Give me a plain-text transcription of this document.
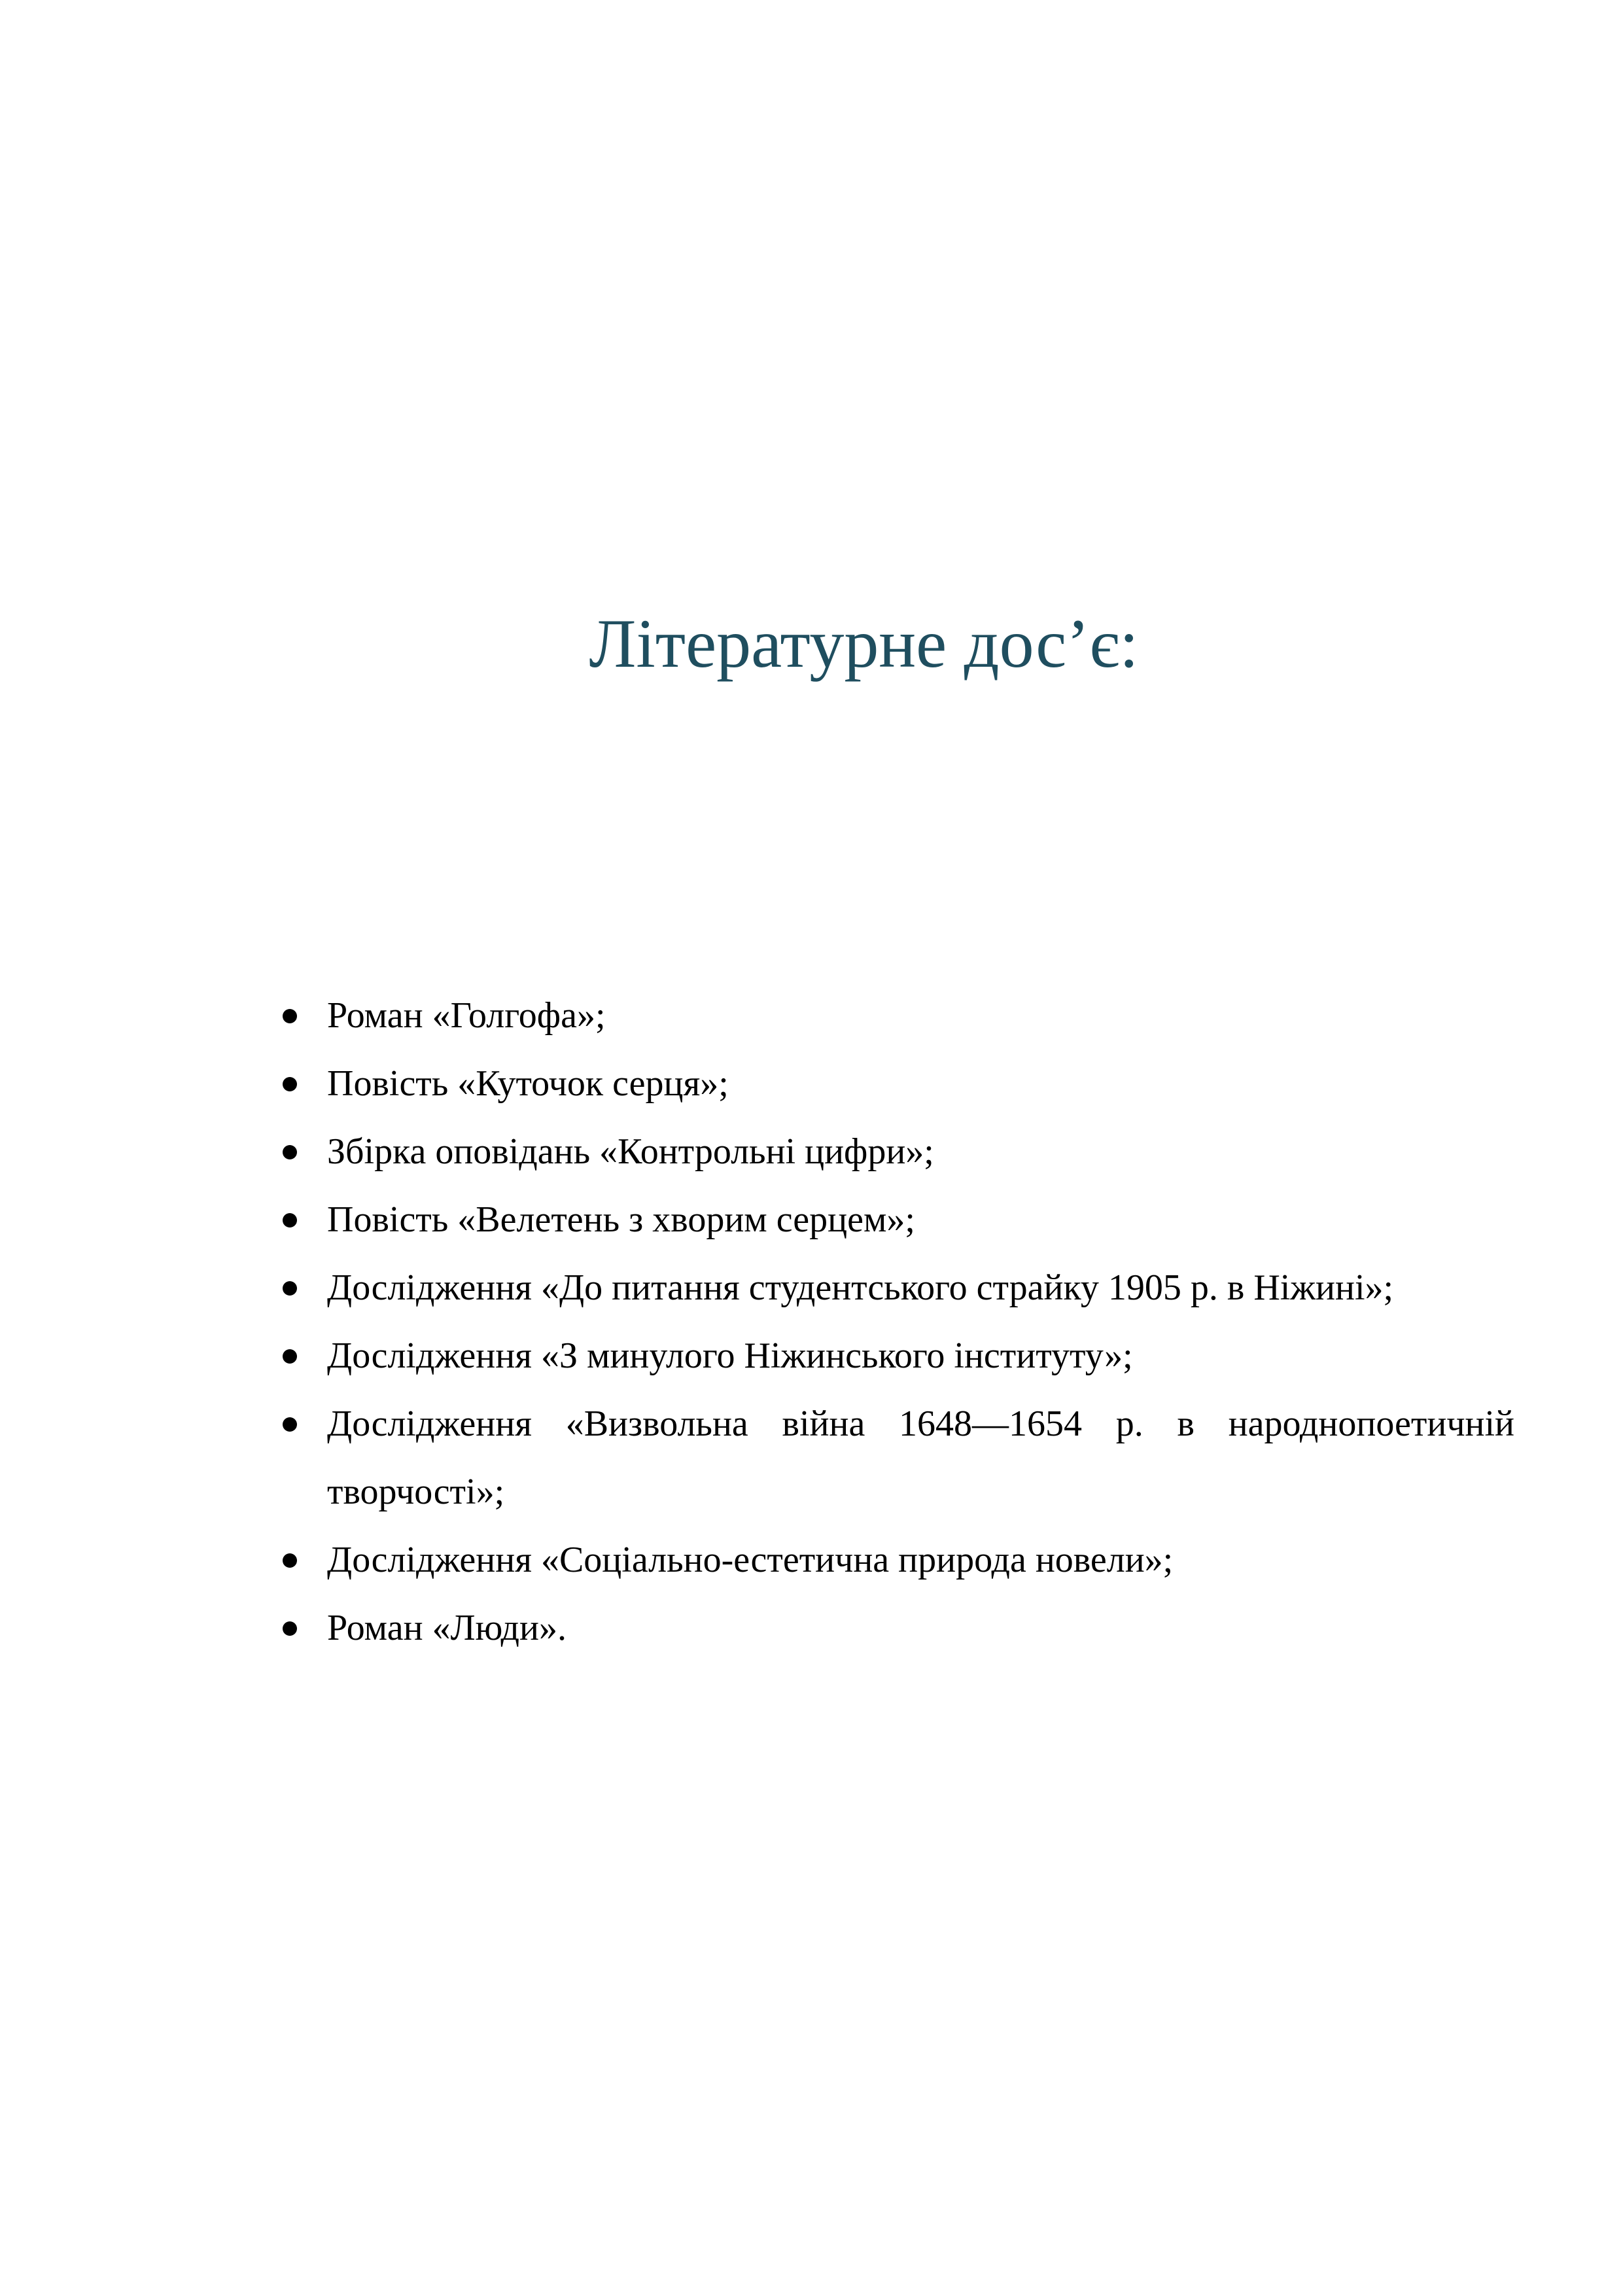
Літературне дос’є:
Роман «Голгофа»;
Повість «Куточок серця»;
Збірка оповідань «Контрольні цифри»;
Повість «Велетень з хворим серцем»;
Дослідження «До питання студентського страйку 1905 р. в Ніжині»;
Дослідження «З минулого Ніжинського інституту»;
Дослідження «Визвольна війна 1648—1654 р. в народнопоетичній творчості»;
Дослідження «Соціально-естетична природа новели»;
Роман «Люди».
